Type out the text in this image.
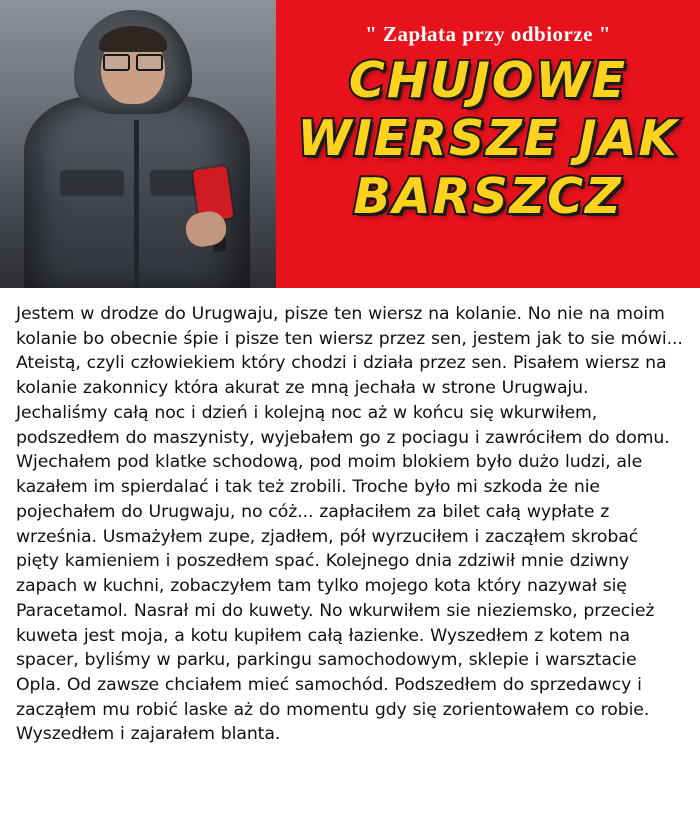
" Zapłata przy odbiorze "
CHUJOWE
WIERSZE JAK
BARSZCZ

Jestem w drodze do Urugwaju, pisze ten wiersz na kolanie. No nie na moim kolanie bo obecnie śpie i pisze ten wiersz przez sen, jestem jak to sie mówi... Ateistą, czyli człowiekiem który chodzi i działa przez sen. Pisałem wiersz na kolanie zakonnicy która akurat ze mną jechała w strone Urugwaju. Jechaliśmy całą noc i dzień i kolejną noc aż w końcu się wkurwiłem, podszedłem do maszynisty, wyjebałem go z pociagu i zawróciłem do domu. Wjechałem pod klatke schodową, pod moim blokiem było dużo ludzi, ale kazałem im spierdalać i tak też zrobili. Troche było mi szkoda że nie pojechałem do Urugwaju, no cóż... zapłaciłem za bilet całą wypłate z września. Usmażyłem zupe, zjadłem, pół wyrzuciłem i zacząłem skrobać pięty kamieniem i poszedłem spać. Kolejnego dnia zdziwił mnie dziwny zapach w kuchni, zobaczyłem tam tylko mojego kota który nazywał się Paracetamol. Nasrał mi do kuwety. No wkurwiłem sie nieziemsko, przecież kuweta jest moja, a kotu kupiłem całą łazienke. Wyszedłem z kotem na spacer, byliśmy w parku, parkingu samochodowym, sklepie i warsztacie Opla. Od zawsze chciałem mieć samochód. Podszedłem do sprzedawcy i zacząłem mu robić laske aż do momentu gdy się zorientowałem co robie. Wyszedłem i zajarałem blanta.
